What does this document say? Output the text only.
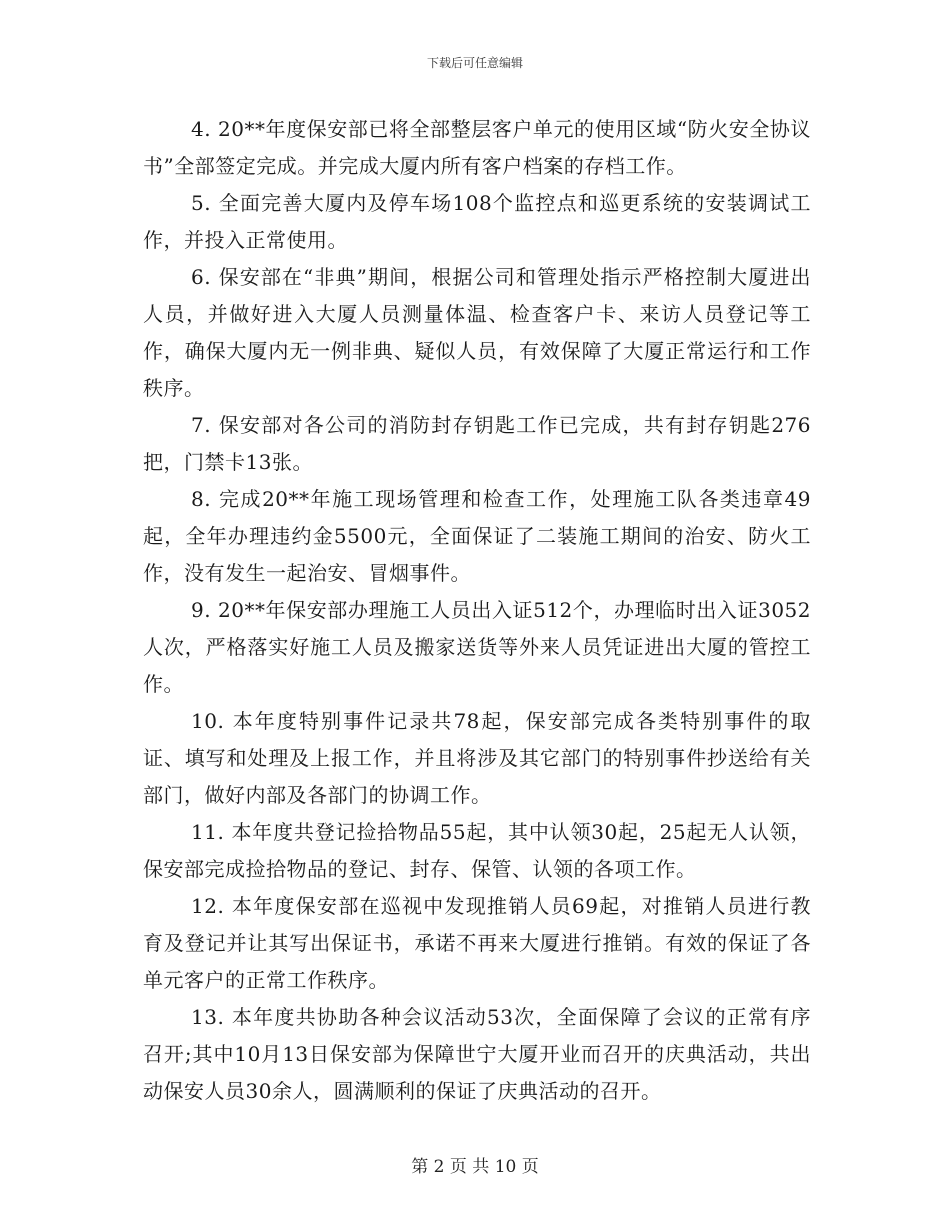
下载后可任意编辑

4. 20**年度保安部已将全部整层客户单元的使用区域“防火安全协议书”全部签定完成。并完成大厦内所有客户档案的存档工作。

5. 全面完善大厦内及停车场108个监控点和巡更系统的安装调试工作，并投入正常使用。

6. 保安部在“非典”期间，根据公司和管理处指示严格控制大厦进出人员，并做好进入大厦人员测量体温、检查客户卡、来访人员登记等工作，确保大厦内无一例非典、疑似人员，有效保障了大厦正常运行和工作秩序。

7. 保安部对各公司的消防封存钥匙工作已完成，共有封存钥匙276把，门禁卡13张。

8. 完成20**年施工现场管理和检查工作，处理施工队各类违章49起，全年办理违约金5500元，全面保证了二装施工期间的治安、防火工作，没有发生一起治安、冒烟事件。

9. 20**年保安部办理施工人员出入证512个，办理临时出入证3052人次，严格落实好施工人员及搬家送货等外来人员凭证进出大厦的管控工作。

10. 本年度特别事件记录共78起，保安部完成各类特别事件的取证、填写和处理及上报工作，并且将涉及其它部门的特别事件抄送给有关部门，做好内部及各部门的协调工作。

11. 本年度共登记捡拾物品55起，其中认领30起，25起无人认领，保安部完成捡拾物品的登记、封存、保管、认领的各项工作。

12. 本年度保安部在巡视中发现推销人员69起，对推销人员进行教育及登记并让其写出保证书，承诺不再来大厦进行推销。有效的保证了各单元客户的正常工作秩序。

13. 本年度共协助各种会议活动53次，全面保障了会议的正常有序召开;其中10月13日保安部为保障世宁大厦开业而召开的庆典活动，共出动保安人员30余人，圆满顺利的保证了庆典活动的召开。

第 2 页 共 10 页
